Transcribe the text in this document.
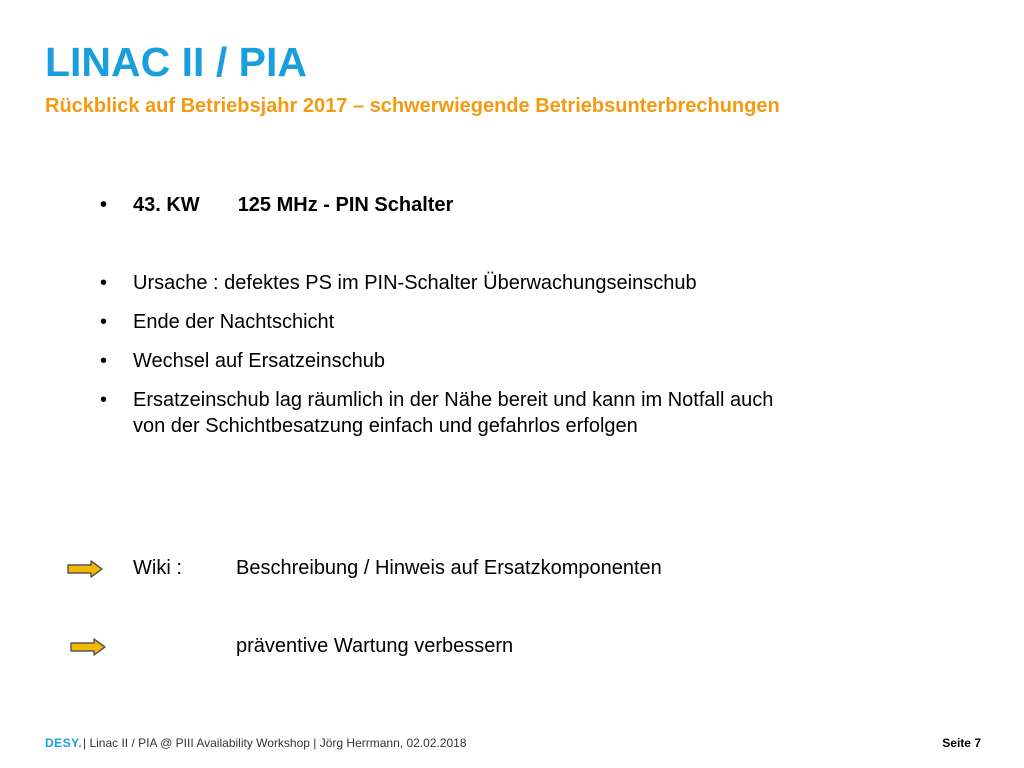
LINAC II / PIA
Rückblick auf Betriebsjahr 2017 – schwerwiegende Betriebsunterbrechungen
• 43. KW 125 MHz - PIN Schalter
• Ursache : defektes PS im PIN-Schalter Überwachungseinschub
• Ende der Nachtschicht
• Wechsel auf Ersatzeinschub
• Ersatzeinschub lag räumlich in der Nähe bereit und kann im Notfall auch von der Schichtbesatzung einfach und gefahrlos erfolgen
Wiki :	Beschreibung / Hinweis auf Ersatzkomponenten
präventive Wartung verbessern
DESY. | Linac II / PIA @ PIII Availability Workshop | Jörg Herrmann, 02.02.2018	Seite 7
